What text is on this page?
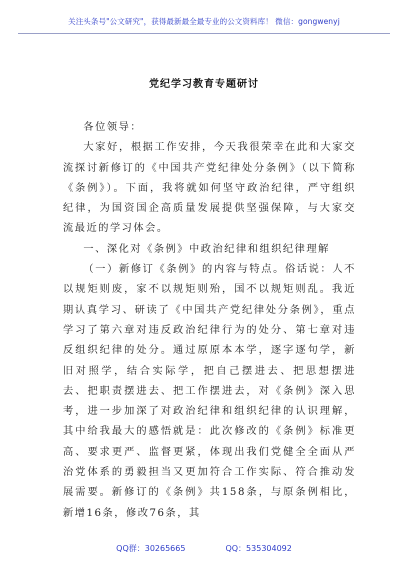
关注头条号"公文研究"，获得最新最全最专业的公文资料库！ 微信：gongwenyj
党纪学习教育专题研讨

各位领导：

大家好，根据工作安排，今天我很荣幸在此和大家交流探讨新修订的《中国共产党纪律处分条例》（以下简称《条例》）。下面，我将就如何坚守政治纪律，严守组织纪律，为国资国企高质量发展提供坚强保障，与大家交流最近的学习体会。

一、深化对《条例》中政治纪律和组织纪律理解

（一）新修订《条例》的内容与特点。俗话说：人不以规矩则废，家不以规矩则殆，国不以规矩则乱。我近期认真学习、研读了《中国共产党纪律处分条例》，重点学习了第六章对违反政治纪律行为的处分、第七章对违反组织纪律的处分。通过原原本本学，逐字逐句学，新旧对照学，结合实际学，把自己摆进去、把思想摆进去、把职责摆进去、把工作摆进去，对《条例》深入思考，进一步加深了对政治纪律和组织纪律的认识理解，其中给我最大的感悟就是：此次修改的《条例》标准更高、要求更严、监督更紧，体现出我们党健全全面从严治党体系的勇毅担当又更加符合工作实际、符合推动发展需要。新修订的《条例》共158条，与原条例相比，新增16条，修改76条，其

QQ群：30265665	QQ：535304092
